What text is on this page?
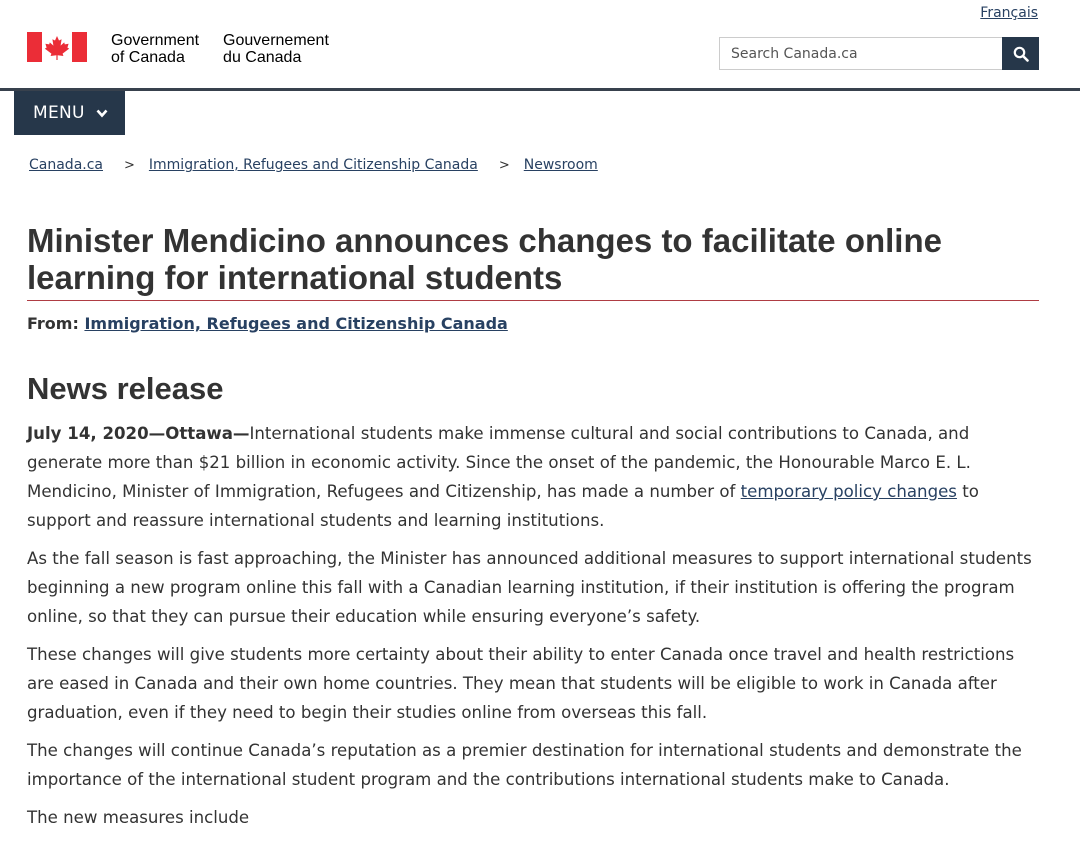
Français
Government
of Canada
Gouvernement
du Canada	Search Canada.ca
MENU
Canada.ca > Immigration, Refugees and Citizenship Canada > Newsroom
Minister Mendicino announces changes to facilitate online learning for international students
From: Immigration, Refugees and Citizenship Canada
News release

July 14, 2020—Ottawa—International students make immense cultural and social contributions to Canada, and generate more than $21 billion in economic activity. Since the onset of the pandemic, the Honourable Marco E. L. Mendicino, Minister of Immigration, Refugees and Citizenship, has made a number of temporary policy changes to support and reassure international students and learning institutions.

As the fall season is fast approaching, the Minister has announced additional measures to support international students beginning a new program online this fall with a Canadian learning institution, if their institution is offering the program online, so that they can pursue their education while ensuring everyone’s safety.

These changes will give students more certainty about their ability to enter Canada once travel and health restrictions are eased in Canada and their own home countries. They mean that students will be eligible to work in Canada after graduation, even if they need to begin their studies online from overseas this fall.

The changes will continue Canada’s reputation as a premier destination for international students and demonstrate the importance of the international student program and the contributions international students make to Canada.

The new measures include
